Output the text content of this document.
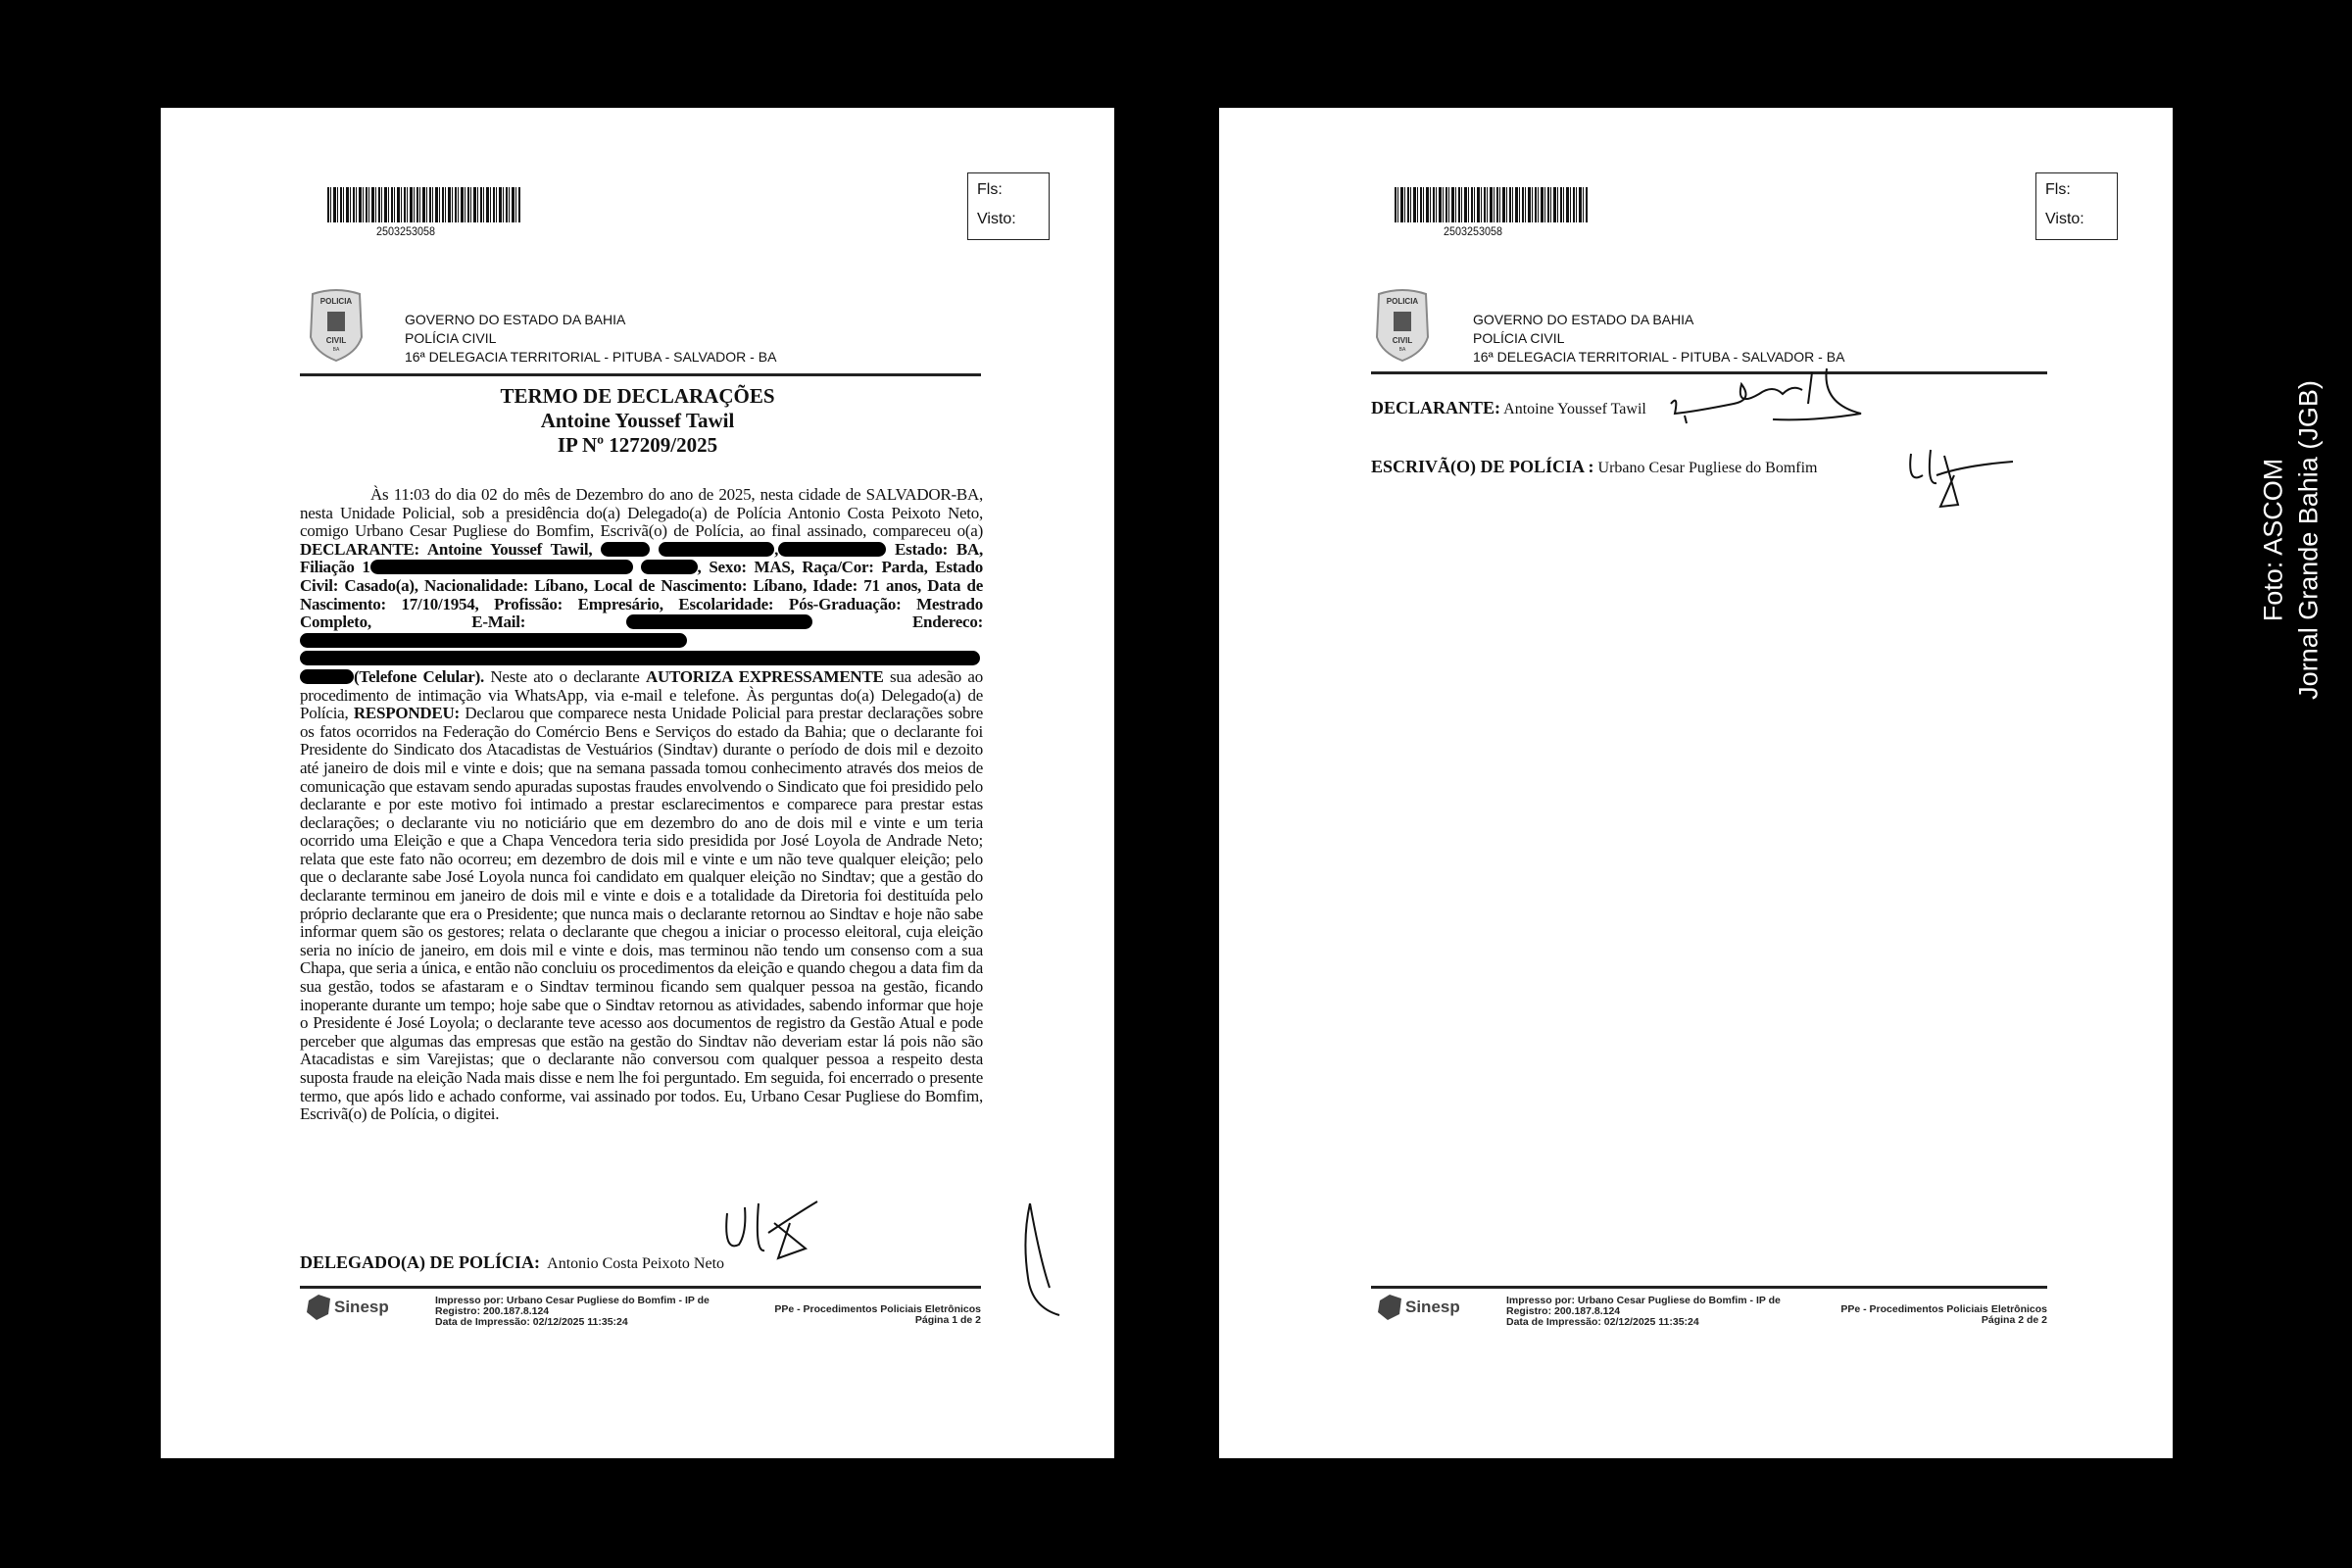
2503253058
Fls:
Visto:
POLICIA
CIVIL
BA
GOVERNO DO ESTADO DA BAHIA
POLÍCIA CIVIL
16ª DELEGACIA TERRITORIAL - PITUBA - SALVADOR - BA
TERMO DE DECLARAÇÕES
Antoine Youssef Tawil
IP Nº 127209/2025
Às 11:03 do dia 02 do mês de Dezembro do ano de 2025, nesta cidade de SALVADOR-BA, nesta Unidade Policial, sob a presidência do(a) Delegado(a) de Polícia Antonio Costa Peixoto Neto, comigo Urbano Cesar Pugliese do Bomfim, Escrivã(o) de Polícia, ao final assinado, compareceu o(a) DECLARANTE: Antoine Youssef Tawil,	,	Estado: BA, Filiação 1	, Sexo: MAS, Raça/Cor: Parda, Estado Civil: Casado(a), Nacionalidade: Líbano, Local de Nascimento: Líbano, Idade: 71 anos, Data de Nascimento: 17/10/1954, Profissão: Empresário, Escolaridade: Pós-Graduação: Mestrado Completo, E-Mail:	Endereco:   (Telefone Celular). Neste ato o declarante AUTORIZA EXPRESSAMENTE sua adesão ao procedimento de intimação via WhatsApp, via e-mail e telefone. Às perguntas do(a) Delegado(a) de Polícia, RESPONDEU: Declarou que comparece nesta Unidade Policial para prestar declarações sobre os fatos ocorridos na Federação do Comércio Bens e Serviços do estado da Bahia; que o declarante foi Presidente do Sindicato dos Atacadistas de Vestuários (Sindtav) durante o período de dois mil e dezoito até janeiro de dois mil e vinte e dois; que na semana passada tomou conhecimento através dos meios de comunicação que estavam sendo apuradas supostas fraudes envolvendo o Sindicato que foi presidido pelo declarante e por este motivo foi intimado a prestar esclarecimentos e comparece para prestar estas declarações; o declarante viu no noticiário que em dezembro do ano de dois mil e vinte e um teria ocorrido uma Eleição e que a Chapa Vencedora teria sido presidida por José Loyola de Andrade Neto; relata que este fato não ocorreu; em dezembro de dois mil e vinte e um não teve qualquer eleição; pelo que o declarante sabe José Loyola nunca foi candidato em qualquer eleição no Sindtav; que a gestão do declarante terminou em janeiro de dois mil e vinte e dois e a totalidade da Diretoria foi destituída pelo próprio declarante que era o Presidente; que nunca mais o declarante retornou ao Sindtav e hoje não sabe informar quem são os gestores; relata o declarante que chegou a iniciar o processo eleitoral, cuja eleição seria no início de janeiro, em dois mil e vinte e dois, mas terminou não tendo um consenso com a sua Chapa, que seria a única, e então não concluiu os procedimentos da eleição e quando chegou a data fim da sua gestão, todos se afastaram e o Sindtav terminou ficando sem qualquer pessoa na gestão, ficando inoperante durante um tempo; hoje sabe que o Sindtav retornou as atividades, sabendo informar que hoje o Presidente é José Loyola; o declarante teve acesso aos documentos de registro da Gestão Atual e pode perceber que algumas das empresas que estão na gestão do Sindtav não deveriam estar lá pois não são Atacadistas e sim Varejistas; que o declarante não conversou com qualquer pessoa a respeito desta suposta fraude na eleição Nada mais disse e nem lhe foi perguntado. Em seguida, foi encerrado o presente termo, que após lido e achado conforme, vai assinado por todos. Eu, Urbano Cesar Pugliese do Bomfim, Escrivã(o) de Polícia, o digitei.
DELEGADO(A) DE POLÍCIA: Antonio Costa Peixoto Neto
Sinesp	Impresso por: Urbano Cesar Pugliese do Bomfim - IP de
Registro: 200.187.8.124
Data de Impressão: 02/12/2025 11:35:24
PPe - Procedimentos Policiais Eletrônicos
Página 1 de 2
2503253058
Fls:
Visto:
POLICIA
CIVIL
BA
GOVERNO DO ESTADO DA BAHIA
POLÍCIA CIVIL
16ª DELEGACIA TERRITORIAL - PITUBA - SALVADOR - BA
DECLARANTE: Antoine Youssef Tawil
ESCRIVÃ(O) DE POLÍCIA : Urbano Cesar Pugliese do Bomfim
Sinesp	Impresso por: Urbano Cesar Pugliese do Bomfim - IP de
Registro: 200.187.8.124
Data de Impressão: 02/12/2025 11:35:24
PPe - Procedimentos Policiais Eletrônicos
Página 2 de 2
Foto: ASCOM Jornal Grande Bahia (JGB)
